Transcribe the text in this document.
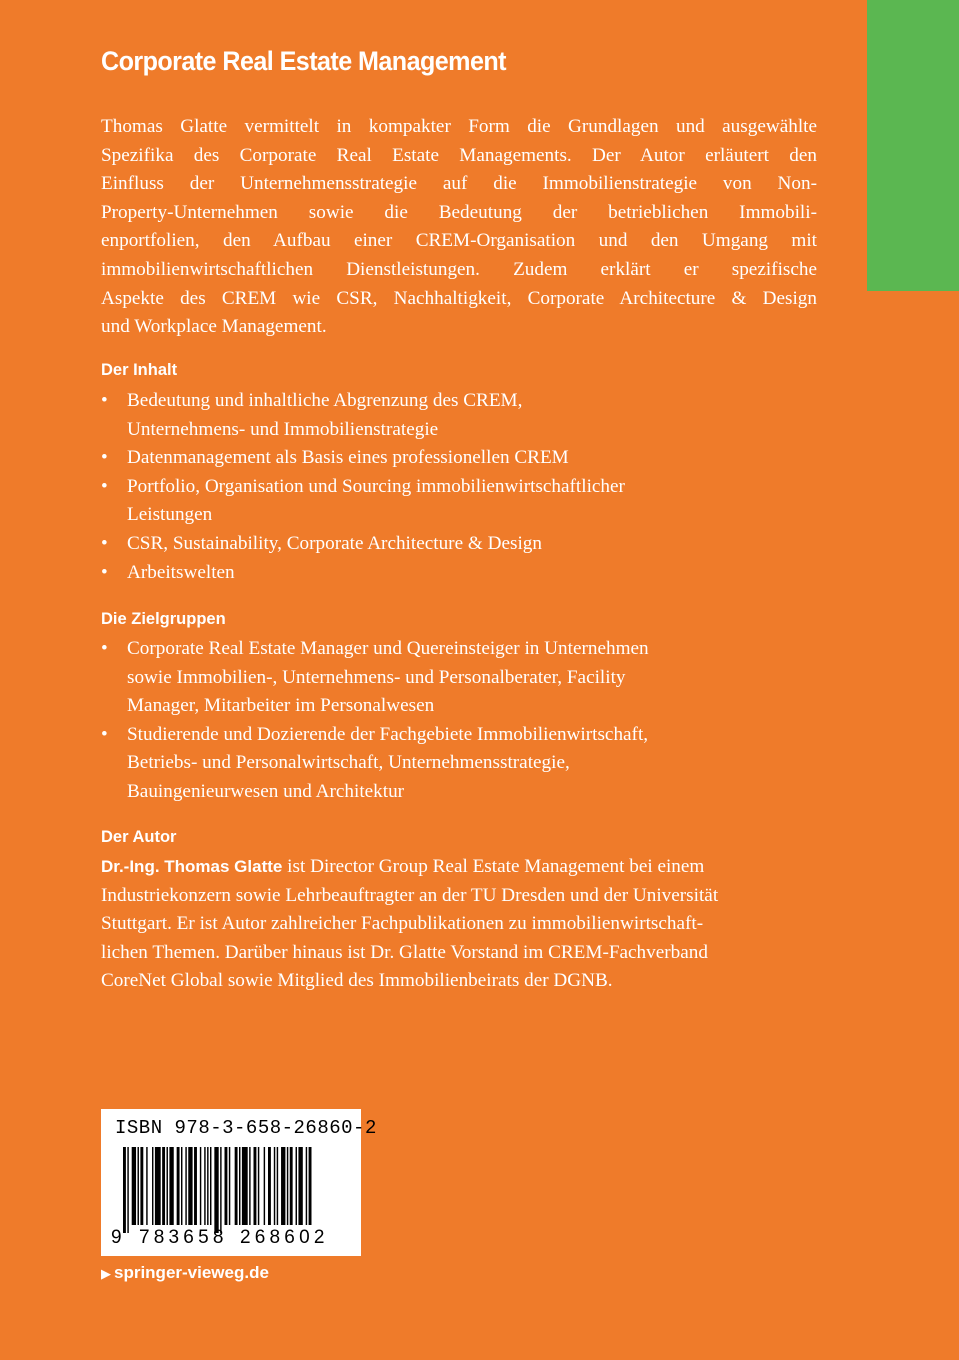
Corporate Real Estate Management
Thomas Glatte vermittelt in kompakter Form die Grundlagen und ausgewählte
Spezifika des Corporate Real Estate Managements. Der Autor erläutert den
Einfluss der Unternehmensstrategie auf die Immobilienstrategie von Non-
Property-Unternehmen sowie die Bedeutung der betrieblichen Immobili-
enportfolien, den Aufbau einer CREM-Organisation und den Umgang mit
immobilienwirtschaftlichen Dienstleistungen. Zudem erklärt er spezifische
Aspekte des CREM wie CSR, Nachhaltigkeit, Corporate Architecture & Design
und Workplace Management.
Der Inhalt
• Bedeutung und inhaltliche Abgrenzung des CREM,
Unternehmens- und Immobilienstrategie
• Datenmanagement als Basis eines professionellen CREM
• Portfolio, Organisation und Sourcing immobilienwirtschaftlicher
Leistungen
• CSR, Sustainability, Corporate Architecture & Design
• Arbeitswelten
Die Zielgruppen
• Corporate Real Estate Manager und Quereinsteiger in Unternehmen
sowie Immobilien-, Unternehmens- und Personalberater, Facility
Manager, Mitarbeiter im Personalwesen
• Studierende und Dozierende der Fachgebiete Immobilienwirtschaft,
Betriebs- und Personalwirtschaft, Unternehmensstrategie,
Bauingenieurwesen und Architektur
Der Autor
Dr.-Ing. Thomas Glatte ist Director Group Real Estate Management bei einem
Industriekonzern sowie Lehrbeauftragter an der TU Dresden und der Universität
Stuttgart. Er ist Autor zahlreicher Fachpublikationen zu immobilienwirtschaft-
lichen Themen. Darüber hinaus ist Dr. Glatte Vorstand im CREM-Fachverband
CoreNet Global sowie Mitglied des Immobilienbeirats der DGNB.
ISBN 978-3-658-26860-2
9 783658 268602
▶ springer-vieweg.de
